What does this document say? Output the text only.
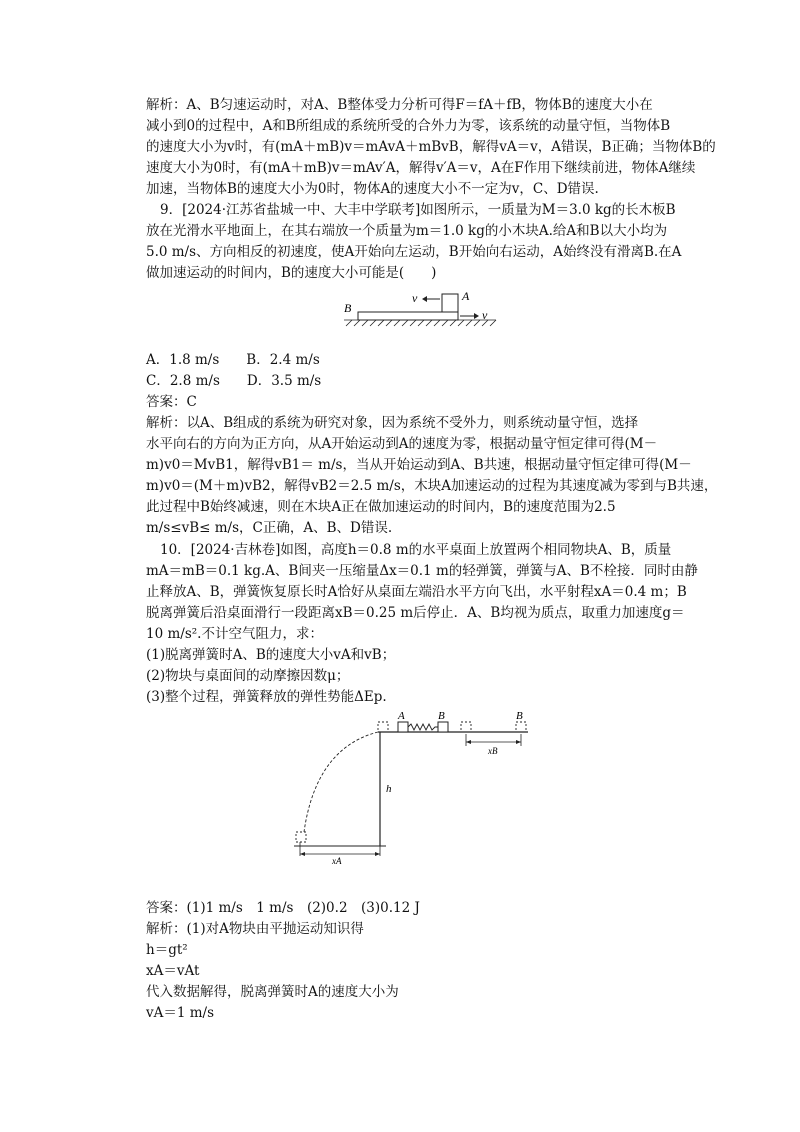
解析：A、B匀速运动时，对A、B整体受力分析可得F＝fA＋fB，物体B的速度大小在
减小到0的过程中，A和B所组成的系统所受的合外力为零，该系统的动量守恒，当物体B
的速度大小为v时，有(mA＋mB)v＝mAvA＋mBvB，解得vA＝v，A错误，B正确；当物体B的
速度大小为0时，有(mA＋mB)v＝mAv′A，解得v′A＝v，A在F作用下继续前进，物体A继续
加速，当物体B的速度大小为0时，物体A的速度大小不一定为v，C、D错误.
9．[2024·江苏省盐城一中、大丰中学联考]如图所示，一质量为M＝3.0 kg的长木板B
放在光滑水平地面上，在其右端放一个质量为m＝1.0 kg的小木块A.给A和B以大小均为
5.0 m/s、方向相反的初速度，使A开始向左运动，B开始向右运动，A始终没有滑离B.在A
做加速运动的时间内，B的速度大小可能是(　　)
B
A
v
v
A．1.8 m/s　　B．2.4 m/s
C．2.8 m/s　　D．3.5 m/s
答案：C
解析：以A、B组成的系统为研究对象，因为系统不受外力，则系统动量守恒，选择
水平向右的方向为正方向，从A开始运动到A的速度为零，根据动量守恒定律可得(M－
m)v0＝MvB1，解得vB1＝ m/s，当从开始运动到A、B共速，根据动量守恒定律可得(M－
m)v0＝(M＋m)vB2，解得vB2＝2.5 m/s，木块A加速运动的过程为其速度减为零到与B共速，
此过程中B始终减速，则在木块A正在做加速运动的时间内，B的速度范围为2.5
m/s≤vB≤ m/s，C正确，A、B、D错误.
10．[2024·吉林卷]如图，高度h＝0.8 m的水平桌面上放置两个相同物块A、B，质量
mA＝mB＝0.1 kg.A、B间夹一压缩量Δx＝0.1 m的轻弹簧，弹簧与A、B不栓接．同时由静
止释放A、B，弹簧恢复原长时A恰好从桌面左端沿水平方向飞出，水平射程xA＝0.4 m；B
脱离弹簧后沿桌面滑行一段距离xB＝0.25 m后停止．A、B均视为质点，取重力加速度g＝
10 m/s².不计空气阻力，求：
(1)脱离弹簧时A、B的速度大小vA和vB；
(2)物块与桌面间的动摩擦因数μ；
(3)整个过程，弹簧释放的弹性势能ΔEp.
A	B	B
h
xA
xB
答案：(1)1 m/s　1 m/s　(2)0.2　(3)0.12 J
解析：(1)对A物块由平抛运动知识得
h＝gt²
xA＝vAt
代入数据解得，脱离弹簧时A的速度大小为
vA＝1 m/s
